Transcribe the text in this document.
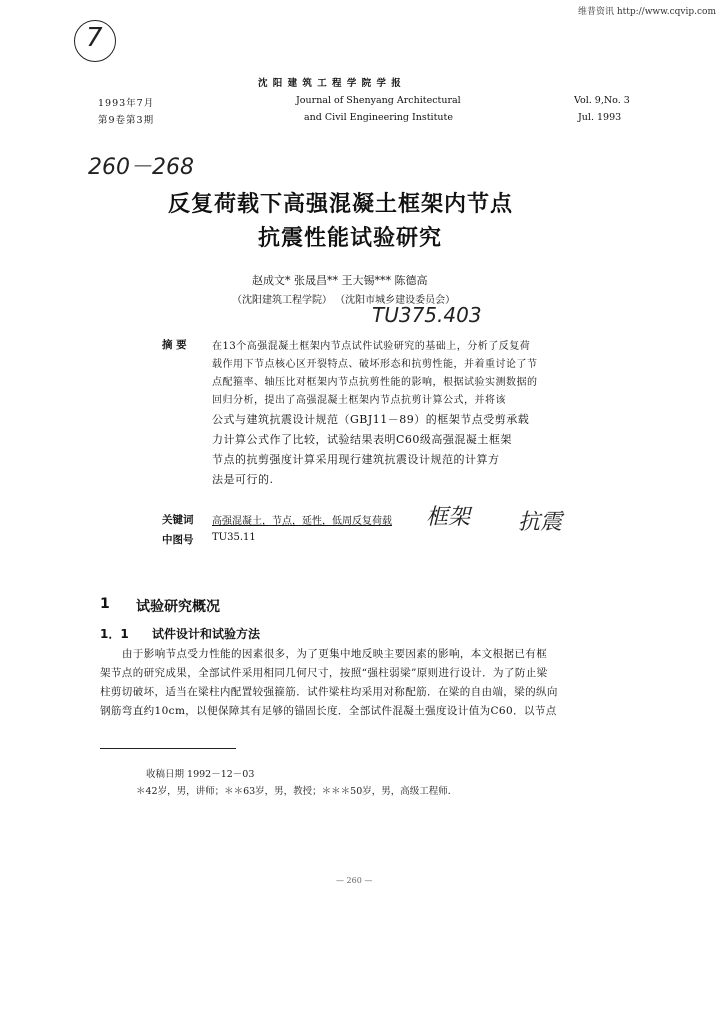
维普资讯 http://www.cqvip.com
7
沈 阳 建 筑 工 程 学 院 学 报
1993年7月	Journal of Shenyang Architectural	Vol. 9,No. 3
第9卷第3期	and Civil Engineering Institute	Jul. 1993
260－268
反复荷载下高强混凝土框架内节点
抗震性能试验研究
赵成文* 张晟昌** 王大锡*** 陈德高
（沈阳建筑工程学院） （沈阳市城乡建设委员会）
TU375.403
摘 要	在13个高强混凝土框架内节点试件试验研究的基础上，分析了反复荷
载作用下节点核心区开裂特点、破坏形态和抗剪性能，并着重讨论了节
点配箍率、轴压比对框架内节点抗剪性能的影响，根据试验实测数据的
回归分析，提出了高强混凝土框架内节点抗剪计算公式，并将该
公式与建筑抗震设计规范（GBJ11－89）的框架节点受剪承载
力计算公式作了比较，试验结果表明C60级高强混凝土框架
节点的抗剪强度计算采用现行建筑抗震设计规范的计算方
法是可行的.
关键词 高强混凝土，节点，延性，低周反复荷载 框架 抗震
中图号 TU35.11
1 试验研究概况
1．1 试件设计和试验方法
由于影响节点受力性能的因素很多，为了更集中地反映主要因素的影响，本文根据已有框
架节点的研究成果，全部试件采用相同几何尺寸，按照“强柱弱梁”原则进行设计．为了防止梁
柱剪切破坏，适当在梁柱内配置较强箍筋．试件梁柱均采用对称配筋．在梁的自由端，梁的纵向
钢筋弯直约10cm，以便保障其有足够的锚固长度．全部试件混凝土强度设计值为C60．以节点
收稿日期 1992－12－03
＊42岁，男，讲师；＊＊63岁，男，教授；＊＊＊50岁，男，高级工程师．
— 260 —
